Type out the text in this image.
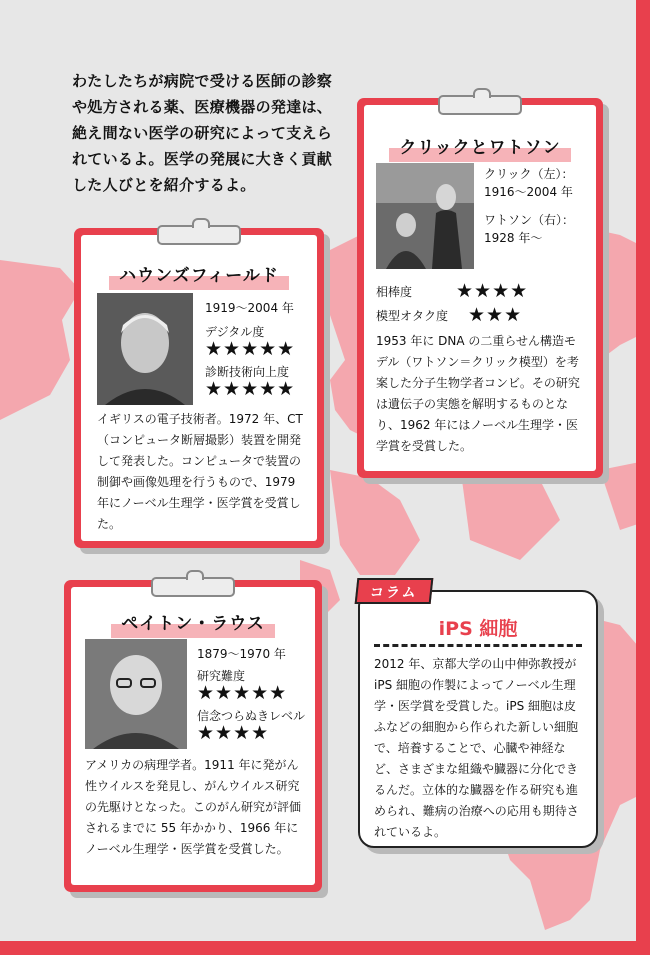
わたしたちが病院で受ける医師の診察や処方される薬、医療機器の発達は、絶え間ない医学の研究によって支えられているよ。医学の発展に大きく貢献した人びとを紹介するよ。
ハウンズフィールド
1919～2004 年
デジタル度
★★★★★
診断技術向上度
★★★★★
イギリスの電子技術者。1972 年、CT（コンピュータ断層撮影）装置を開発して発表した。コンピュータで装置の制御や画像処理を行うもので、1979 年にノーベル生理学・医学賞を受賞した。
クリックとワトソン
クリック（左）：
1916～2004 年
ワトソン（右）：
1928 年～
相棒度 ★★★★
模型オタク度 ★★★
1953 年に DNA の二重らせん構造モデル（ワトソン＝クリック模型）を考案した分子生物学者コンビ。その研究は遺伝子の実態を解明するものとなり、1962 年にはノーベル生理学・医学賞を受賞した。
ペイトン・ラウス
1879～1970 年
研究難度
★★★★★
信念つらぬきレベル
★★★★
アメリカの病理学者。1911 年に発がん性ウイルスを発見し、がんウイルス研究の先駆けとなった。このがん研究が評価されるまでに 55 年かかり、1966 年にノーベル生理学・医学賞を受賞した。
iPS 細胞
2012 年、京都大学の山中伸弥教授が iPS 細胞の作製によってノーベル生理学・医学賞を受賞した。iPS 細胞は皮ふなどの細胞から作られた新しい細胞で、培養することで、心臓や神経など、さまざまな組織や臓器に分化できるんだ。立体的な臓器を作る研究も進められ、難病の治療への応用も期待されているよ。
コラム
